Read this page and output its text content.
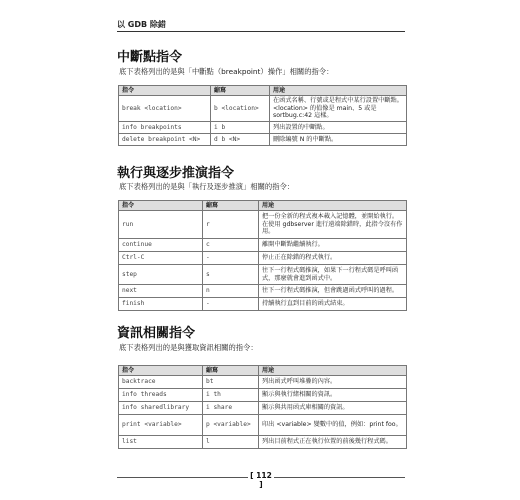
以 GDB 除錯
中斷點指令
底下表格列出的是與「中斷點（breakpoint）操作」相關的指令：
指令	縮寫	用途
break <location>	b <location>	在函式名稱、行號或是程式中某行設置中斷點。<location> 的值像是 main、5 或是 sortbug.c:42 這樣。
info breakpoints	i b	列出設置的中斷點。
delete breakpoint <N>	d b <N>	刪除編號 N 的中斷點。
執行與逐步推演指令
底下表格列出的是與「執行及逐步推演」相關的指令：
指令	縮寫	用途
run	r	把一份全新的程式複本載入記憶體，並開始執行。在使用 gdbserver 進行遠端除錯時，此指令沒有作用。
continue	c	離開中斷點繼續執行。
Ctrl-C	-	停止正在除錯的程式執行。
step	s	往下一行程式碼推演，如果下一行程式碼是呼叫函式，那麼就會進到函式中。
next	n	往下一行程式碼推演，但會跳過函式呼叫的過程。
finish	-	持續執行直到目前的函式結束。
資訊相關指令
底下表格列出的是與獲取資訊相關的指令：
指令	縮寫	用途
backtrace	bt	列出函式呼叫堆疊的內容。
info threads	i th	顯示與執行緒相關的資訊。
info sharedlibrary	i share	顯示與共用函式庫相關的資訊。
print <variable>	p <variable>	印出 <variable> 變數中的值，例如：print foo。
list	l	列出目前程式正在執行位置的前後幾行程式碼。
[ 112 ]
